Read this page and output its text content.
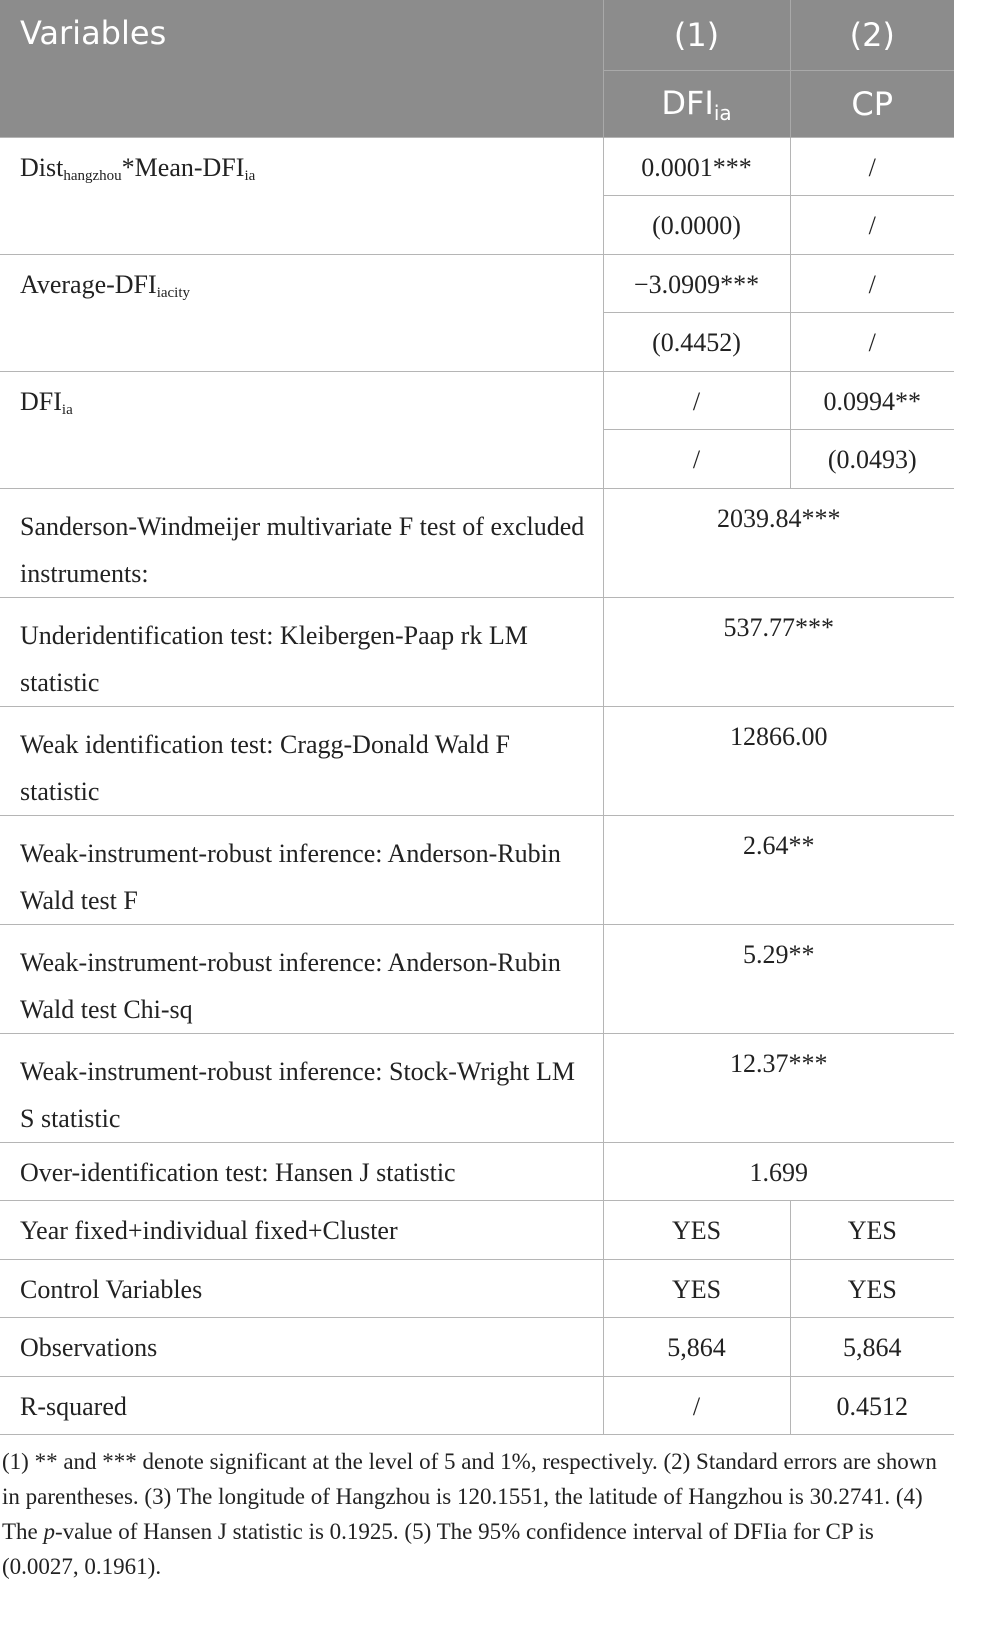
Variables	(1)	(2)
	$DFI_{ia}$	CP
$Dist_{hangzhou}*Mean-DFI_{ia}$	0.0001***	/
	(0.0000)	/
Average-$DFI_{iacity}$	−3.0909***	/
	(0.4452)	/
$DFI_{ia}$	/	0.0994**
	/	(0.0493)
Sanderson-Windmeijer multivariate F test of excluded instruments:	2039.84***	
Underidentification test: Kleibergen-Paap rk LM statistic	537.77***	
Weak identification test: Cragg-Donald Wald F statistic	12866.00	
Weak-instrument-robust inference: Anderson-Rubin Wald test F	2.64**	
Weak-instrument-robust inference: Anderson-Rubin Wald test Chi-sq	5.29**	
Weak-instrument-robust inference: Stock-Wright LM S statistic	12.37***	
Over-identification test: Hansen J statistic	1.699	
Year fixed+individual fixed+Cluster	YES	YES
Control Variables	YES	YES
Observations	5,864	5,864
R-squared	/	0.4512
(1) ** and *** denote significant at the level of 5 and 1%, respectively. (2) Standard errors are shown in parentheses. (3) The longitude of Hangzhou is 120.1551, the latitude of Hangzhou is 30.2741. (4) The p-value of Hansen J statistic is 0.1925. (5) The 95% confidence interval of DFIia for CP is (0.0027, 0.1961).
